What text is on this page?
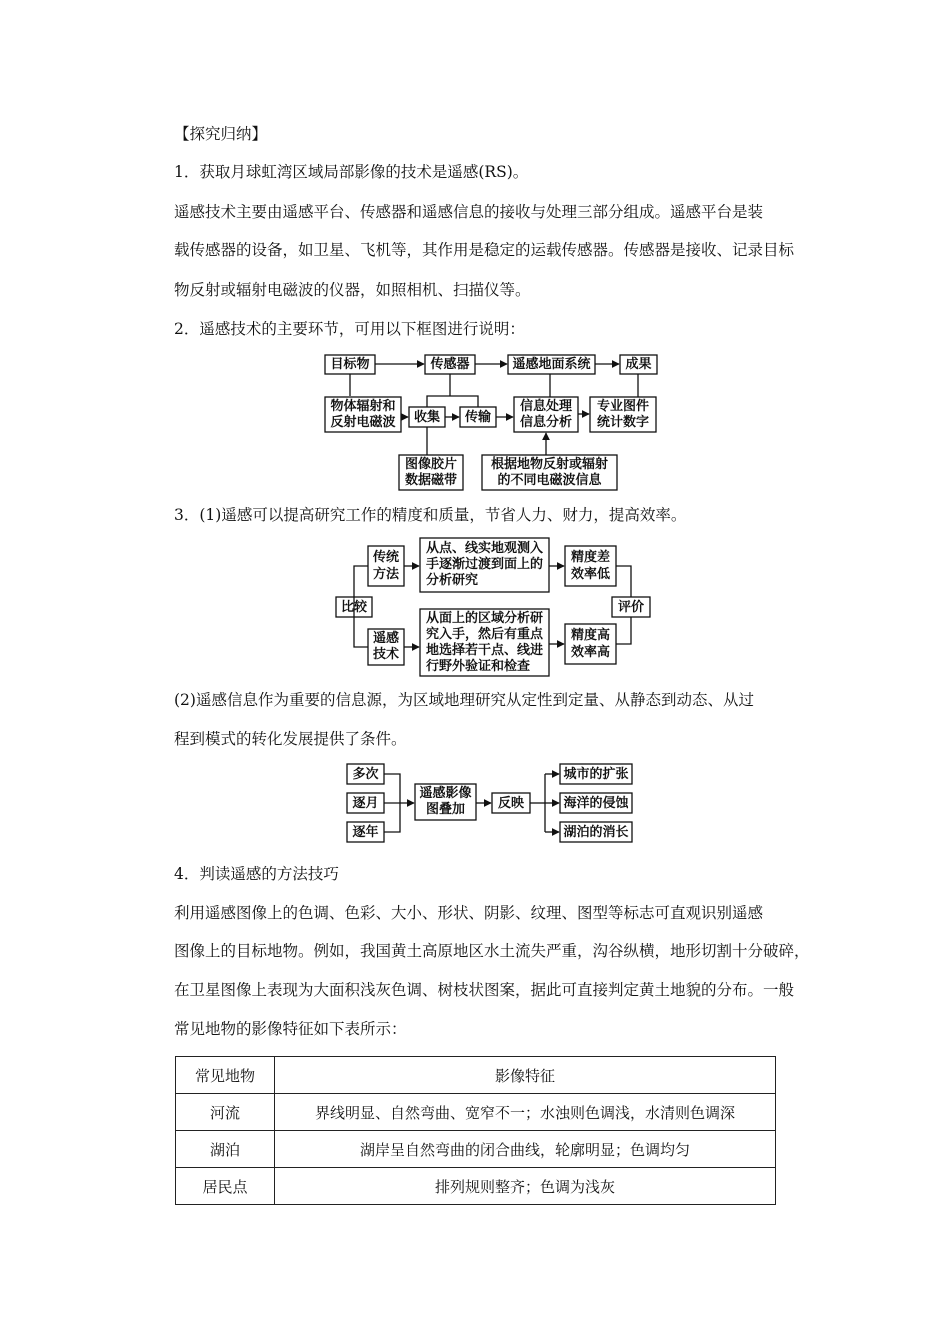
【探究归纳】
1．获取月球虹湾区域局部影像的技术是遥感(RS)。
遥感技术主要由遥感平台、传感器和遥感信息的接收与处理三部分组成。遥感平台是装
载传感器的设备，如卫星、飞机等，其作用是稳定的运载传感器。传感器是接收、记录目标
物反射或辐射电磁波的仪器，如照相机、扫描仪等。
2．遥感技术的主要环节，可用以下框图进行说明：
目标物	传感器	遥感地面系统	成果
物体辐射和
反射电磁波	收集	传输
信息处理
信息分析
专业图件
统计数字
图像胶片
数据磁带
根据地物反射或辐射
的不同电磁波信息
3．(1)遥感可以提高研究工作的精度和质量，节省人力、财力，提高效率。
比较
传统
方法
遥感
技术
从点、线实地观测入
手逐渐过渡到面上的
分析研究
从面上的区域分析研
究入手，然后有重点
地选择若干点、线进
行野外验证和检查
精度差
效率低
精度高
效率高
评价
(2)遥感信息作为重要的信息源，为区域地理研究从定性到定量、从静态到动态、从过
程到模式的转化发展提供了条件。
多次
逐月
逐年
遥感影像
图叠加	反映
城市的扩张
海洋的侵蚀
湖泊的消长
4．判读遥感的方法技巧
利用遥感图像上的色调、色彩、大小、形状、阴影、纹理、图型等标志可直观识别遥感
图像上的目标地物。例如，我国黄土高原地区水土流失严重，沟谷纵横，地形切割十分破碎，
在卫星图像上表现为大面积浅灰色调、树枝状图案，据此可直接判定黄土地貌的分布。一般
常见地物的影像特征如下表所示：
常见地物	影像特征
河流	界线明显、自然弯曲、宽窄不一；水浊则色调浅，水清则色调深
湖泊	湖岸呈自然弯曲的闭合曲线，轮廓明显；色调均匀
居民点	排列规则整齐；色调为浅灰
